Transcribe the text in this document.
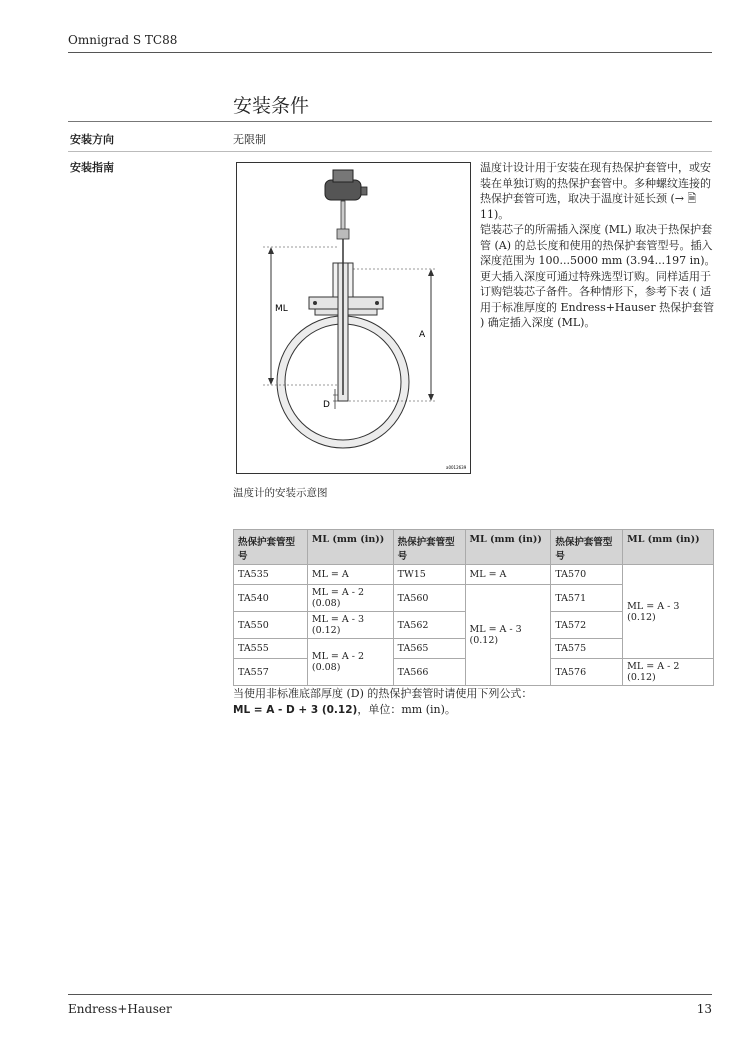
Omnigrad S TC88
安装条件
安装方向	无限制
安装指南
ML
A
D
a0012639

温度计设计用于安装在现有热保护套管中，或安装在单独订购的热保护套管中。多种螺纹连接的热保护套管可选，取决于温度计延长颈 (→ 🗎 11)。

铠装芯子的所需插入深度 (ML) 取决于热保护套管 (A) 的总长度和使用的热保护套管型号。插入深度范围为 100...5000 mm (3.94...197 in)。更大插入深度可通过特殊选型订购。同样适用于订购铠装芯子备件。各种情形下，参考下表 ( 适用于标准厚度的 Endress+Hauser 热保护套管 ) 确定插入深度 (ML)。

温度计的安装示意图
热保护套管型号	ML (mm (in))	热保护套管型号	ML (mm (in))	热保护套管型号	ML (mm (in))
TA535	ML = A	TW15	ML = A	TA570	ML = A - 3 (0.12)
TA540	ML = A - 2 (0.08)	TA560	ML = A - 3 (0.12)	TA571	
TA550	ML = A - 3 (0.12)	TA562		TA572	
TA555	ML = A - 2 (0.08)	TA565		TA575	
TA557		TA566		TA576	ML = A - 2 (0.12)
当使用非标准底部厚度 (D) 的热保护套管时请使用下列公式：
ML = A - D + 3 (0.12)，单位：mm (in)。
Endress+Hauser	13
